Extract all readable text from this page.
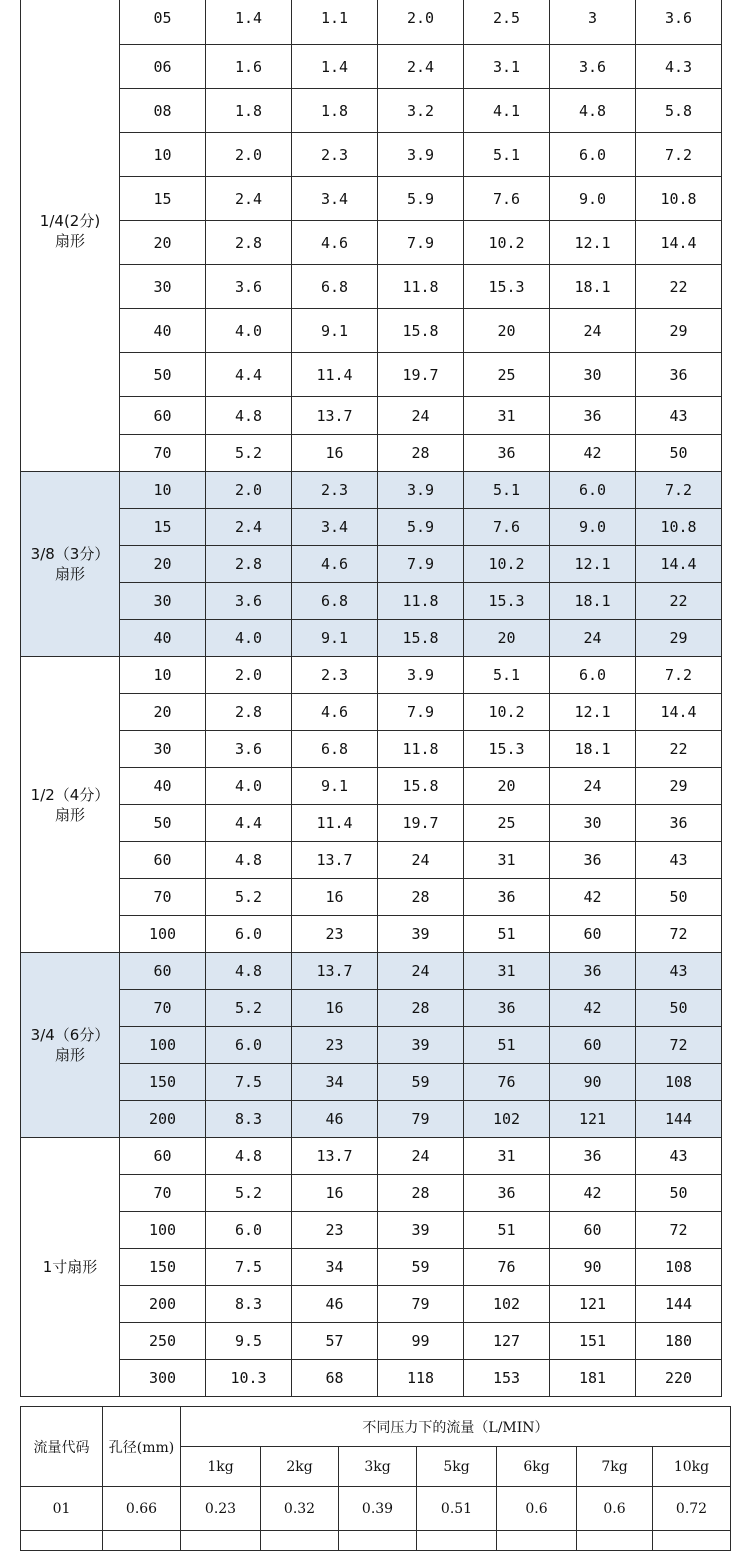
1/4(2分)
扇形	05	1.4	1.1	2.0	2.5	3	3.6
	06	1.6	1.4	2.4	3.1	3.6	4.3
	08	1.8	1.8	3.2	4.1	4.8	5.8
	10	2.0	2.3	3.9	5.1	6.0	7.2
	15	2.4	3.4	5.9	7.6	9.0	10.8
	20	2.8	4.6	7.9	10.2	12.1	14.4
	30	3.6	6.8	11.8	15.3	18.1	22
	40	4.0	9.1	15.8	20	24	29
	50	4.4	11.4	19.7	25	30	36
	60	4.8	13.7	24	31	36	43
	70	5.2	16	28	36	42	50

3/8（3分）
扇形	10	2.0	2.3	3.9	5.1	6.0	7.2
	15	2.4	3.4	5.9	7.6	9.0	10.8
	20	2.8	4.6	7.9	10.2	12.1	14.4
	30	3.6	6.8	11.8	15.3	18.1	22
	40	4.0	9.1	15.8	20	24	29

1/2（4分）
扇形	10	2.0	2.3	3.9	5.1	6.0	7.2
	20	2.8	4.6	7.9	10.2	12.1	14.4
	30	3.6	6.8	11.8	15.3	18.1	22
	40	4.0	9.1	15.8	20	24	29
	50	4.4	11.4	19.7	25	30	36
	60	4.8	13.7	24	31	36	43
	70	5.2	16	28	36	42	50
	100	6.0	23	39	51	60	72

3/4（6分）
扇形	60	4.8	13.7	24	31	36	43
	70	5.2	16	28	36	42	50
	100	6.0	23	39	51	60	72
	150	7.5	34	59	76	90	108
	200	8.3	46	79	102	121	144

1寸扇形	60	4.8	13.7	24	31	36	43
	70	5.2	16	28	36	42	50
	100	6.0	23	39	51	60	72
	150	7.5	34	59	76	90	108
	200	8.3	46	79	102	121	144
	250	9.5	57	99	127	151	180
	300	10.3	68	118	153	181	220
流量代码	孔径(mm)	不同压力下的流量（L/MIN）						
		1kg	2kg	3kg	5kg	6kg	7kg	10kg
01	0.66	0.23	0.32	0.39	0.51	0.6	0.6	0.72
